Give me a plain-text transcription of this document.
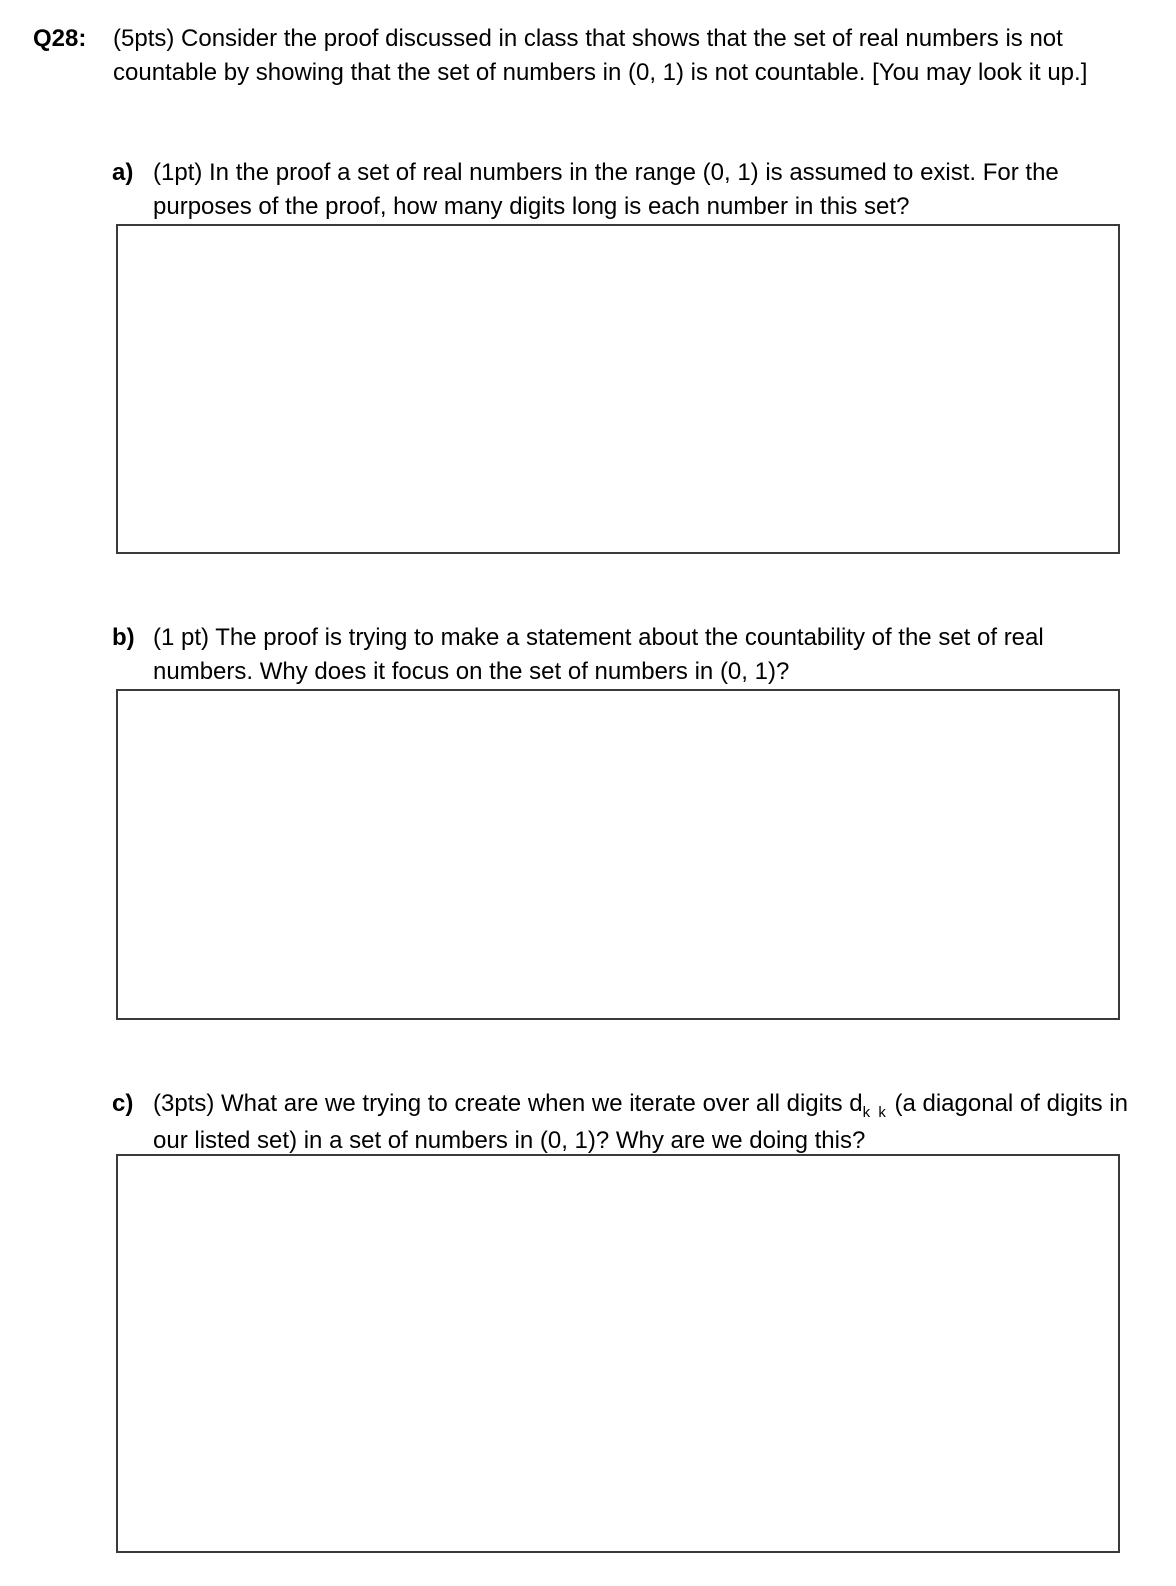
Q28: (5pts) Consider the proof discussed in class that shows that the set of real numbers is not countable by showing that the set of numbers in (0, 1) is not countable. [You may look it up.]
a) (1pt) In the proof a set of real numbers in the range (0, 1) is assumed to exist. For the purposes of the proof, how many digits long is each number in this set?
b) (1 pt) The proof is trying to make a statement about the countability of the set of real numbers. Why does it focus on the set of numbers in (0, 1)?
c) (3pts) What are we trying to create when we iterate over all digits $d_{k k}$ (a diagonal of digits in our listed set) in a set of numbers in (0, 1)? Why are we doing this?
